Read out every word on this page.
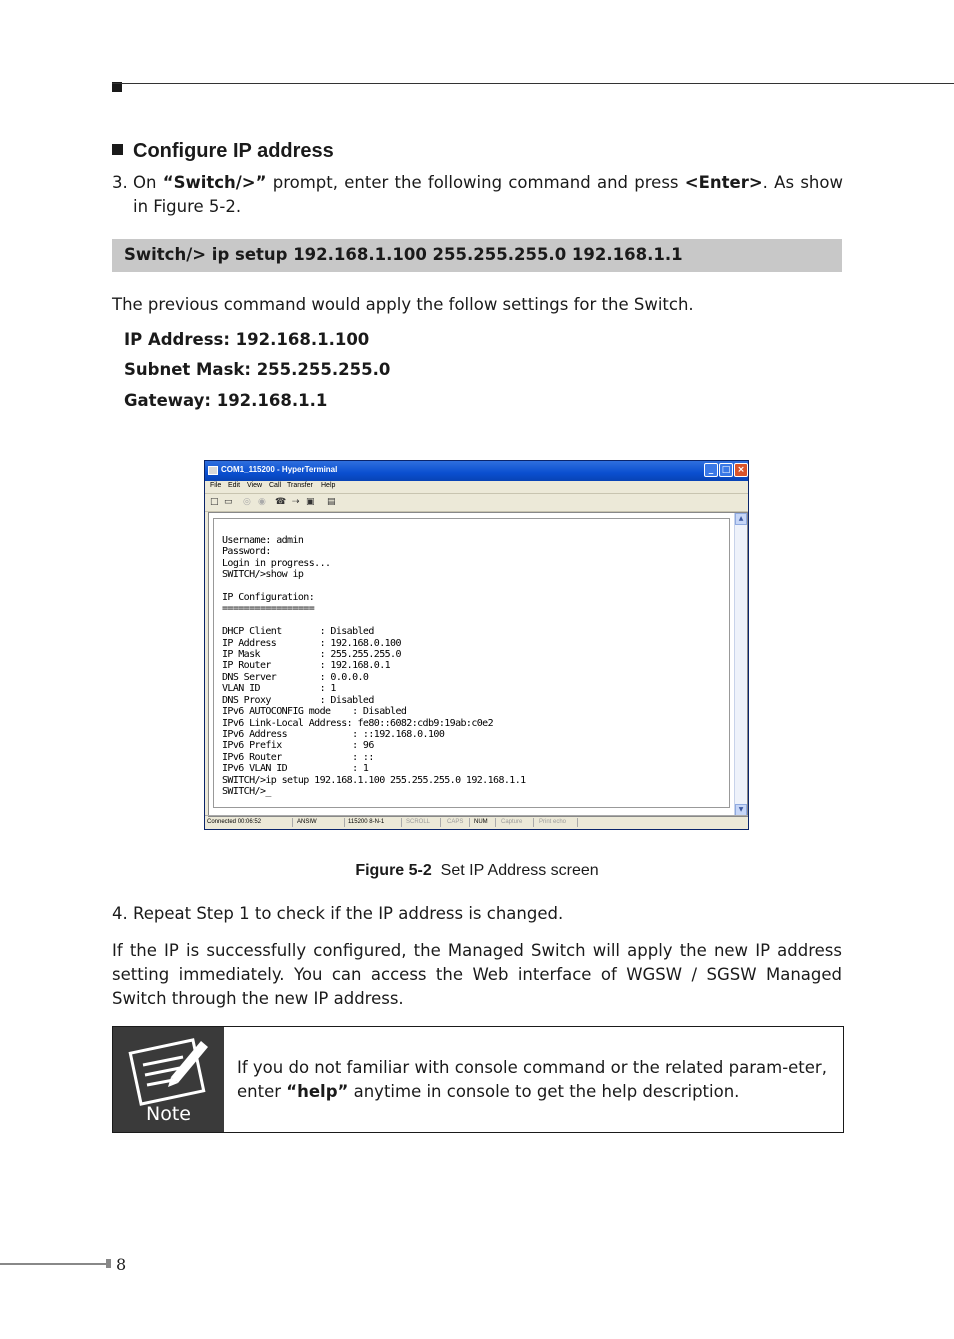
Configure IP address
3. On “Switch/>” prompt, enter the following command and press <Enter>. As show in Figure 5-2.
Switch/> ip setup 192.168.1.100 255.255.255.0 192.168.1.1
The previous command would apply the follow settings for the Switch.
IP Address: 192.168.1.100
Subnet Mask: 255.255.255.0
Gateway: 192.168.1.1
COM1_115200 - HyperTerminal	_ □ ×
File Edit View Call Transfer Help
□ ▭ ◎ ◉ ☎ ⇢ ▣ ▤
Username: admin
Password:
Login in progress...
SWITCH/>show ip

IP Configuration:
=================

DHCP Client       : Disabled
IP Address        : 192.168.0.100
IP Mask           : 255.255.255.0
IP Router         : 192.168.0.1
DNS Server        : 0.0.0.0
VLAN ID           : 1
DNS Proxy         : Disabled
IPv6 AUTOCONFIG mode    : Disabled
IPv6 Link-Local Address: fe80::6082:cdb9:19ab:c0e2
IPv6 Address            : ::192.168.0.100
IPv6 Prefix             : 96
IPv6 Router             : ::
IPv6 VLAN ID            : 1
SWITCH/>ip setup 192.168.1.100 255.255.255.0 192.168.1.1
SWITCH/>_
▲
▼
Connected 00:06:52	ANSIW	115200 8-N-1	SCROLL	CAPS NUM Capture	Print echo
Figure 5-2 Set IP Address screen
4. Repeat Step 1 to check if the IP address is changed.
If the IP is successfully configured, the Managed Switch will apply the new IP address setting immediately. You can access the Web interface of WGSW / SGSW Managed Switch through the new IP address.
Note
If you do not familiar with console command or the related param-eter, enter “help” anytime in console to get the help description.
8
